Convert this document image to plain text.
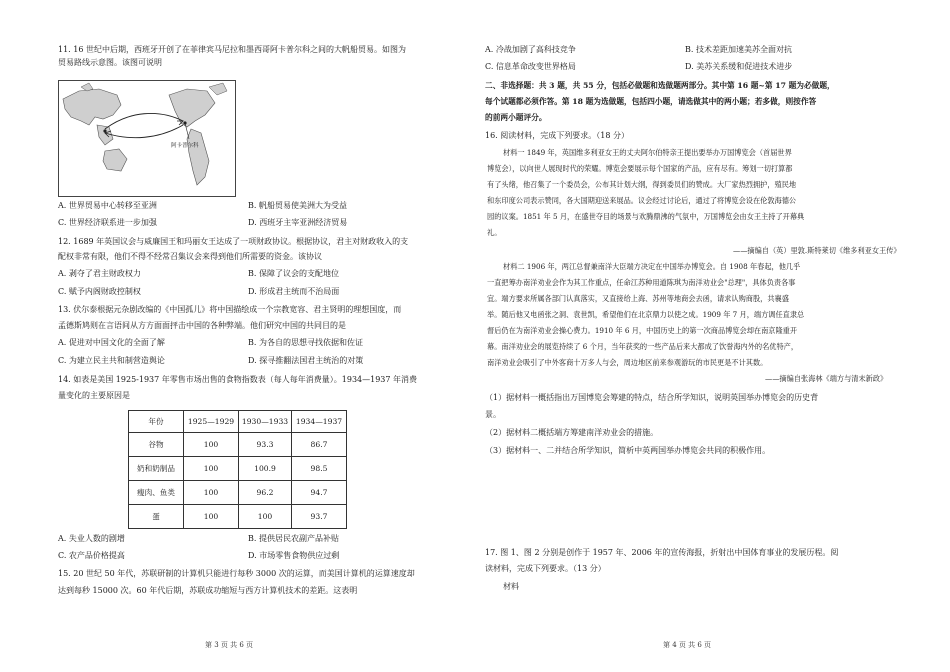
11. 16 世纪中后期，西班牙开创了在菲律宾马尼拉和墨西哥阿卡普尔科之间的大帆船贸易。如图为
贸易路线示意图。该图可说明
阿卡普尔科
A. 世界贸易中心转移至亚洲	B. 帆船贸易使美洲大为受益
C. 世界经济联系进一步加强	D. 西班牙主宰亚洲经济贸易
12. 1689 年英国议会与威廉国王和玛丽女王达成了一项财政协议。根据协议，君主对财政收入的支
配权非常有限，他们不得不经常召集议会来得到他们所需要的资金。该协议
A. 剥夺了君主财政权力	B. 保障了议会的支配地位
C. 赋予内阁财政控制权	D. 形成君主统而不治局面
13. 伏尔泰根据元杂剧改编的《中国孤儿》将中国描绘成一个宗教宽容、君主贤明的理想国度，而
孟德斯鸠则在言语间从方方面面抨击中国的各种弊端。他们研究中国的共同目的是
A. 促进对中国文化的全面了解	B. 为各自的思想寻找依据和佐证
C. 为建立民主共和制营造舆论	D. 探寻推翻法国君主统治的对策
14. 如表是美国 1925-1937 年零售市场出售的食物指数表（每人每年消费量）。1934—1937 年消费
量变化的主要原因是
年份	1925—1929	1930—1933	1934—1937
谷物	100	93.3	86.7
奶和奶制品	100	100.9	98.5
瘦肉、鱼类	100	96.2	94.7
蛋	100	100	93.7
A. 失业人数的剧增	B. 提供居民农副产品补贴
C. 农产品价格提高	D. 市场零售食物供应过剩
15. 20 世纪 50 年代，苏联研制的计算机只能进行每秒 3000 次的运算，而美国计算机的运算速度却
达到每秒 15000 次。60 年代后期，苏联成功缩短与西方计算机技术的差距。这表明
第 3 页 共 6 页
A. 冷战加剧了高科技竞争	B. 技术差距加速美苏全面对抗
C. 信息革命改变世界格局	D. 美苏关系缓和促进技术进步
二、非选择题：共 3 题，共 55 分，包括必做题和选做题两部分。其中第 16 题~第 17 题为必做题，
每个试题都必须作答。第 18 题为选做题，包括四小题，请选做其中的两小题；若多做，则按作答
的前两小题评分。
16. 阅读材料，完成下列要求。（18 分）
材料一 1849 年，英国维多利亚女王的丈夫阿尔伯特亲王提出要举办万国博览会（首届世界
博览会），以向世人展现时代的荣耀。博览会要展示每个国家的产品，应有尽有。筹划一切打算都
有了头绪，他召集了一个委员会，公布其计划大纲，得到委员们的赞成。大厂家热烈拥护，殖民地
和东印度公司表示赞同，各大国期迎送来展品。议会经过讨论后，通过了将博览会设在伦敦海德公
园的议案。1851 年 5 月，在盛世夺目的场景与欢腾鼎沸的气氛中，万国博览会由女王主持了开幕典
礼。
——摘编自（英）里敦.斯特莱切《维多利亚女王传》
材料二 1906 年，两江总督兼南洋大臣端方决定在中国举办博览会。自 1908 年春起，他几乎
一直把筹办南洋劝业会作为其工作重点，任命江苏种用道陈琪为南洋劝业会"总理"，具体负责各事
宜。端方要求所属各部门认真落实，又直接给上海、苏州等地商会去函，请求认购商股，共襄盛
举。随后他又电函张之洞、袁世凯，希望他们在北京鼎力以使之成。1909 年 7 月，端方调任直隶总
督后仍在为南洋劝业会操心费力。1910 年 6 月，中国历史上的第一次商品博览会却在南京隆重开
幕。南洋劝业会的展览持续了 6 个月，当年获奖的一些产品后来大都成了饮誉海内外的名优特产，
南洋劝业会吸引了中外客商十万多人与会，周边地区前来参观游玩的市民更是不计其数。
——摘编自张海林《端方与清末新政》
（1）据材料一概括指出万国博览会筹建的特点，结合所学知识，说明英国举办博览会的历史背
景。
（2）据材料二概括端方筹建南洋劝业会的措施。
（3）据材料一、二并结合所学知识，简析中英两国举办博览会共同的积极作用。
17. 图 1、图 2 分别是创作于 1957 年、2006 年的宣传海报，折射出中国体育事业的发展历程。阅
读材料，完成下列要求。（13 分）
材料
第 4 页 共 6 页
